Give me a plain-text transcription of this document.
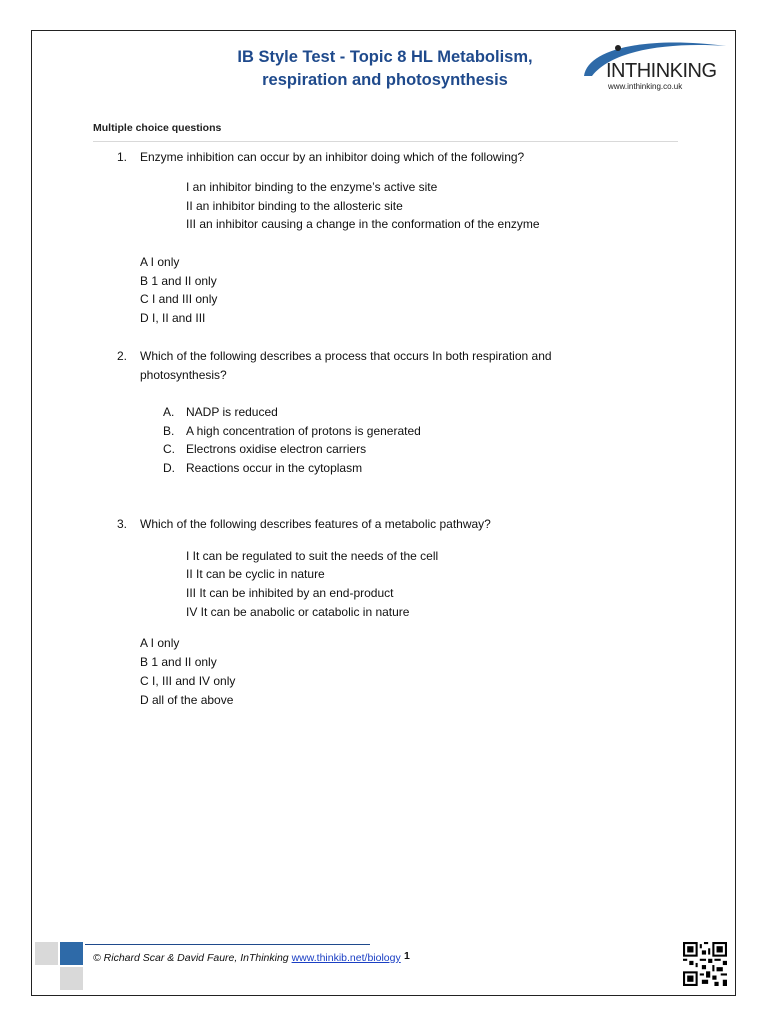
IB Style Test - Topic 8 HL Metabolism,
respiration and photosynthesis	INTHINKING
www.inthinking.co.uk
Multiple choice questions
1. Enzyme inhibition can occur by an inhibitor doing which of the following?
I an inhibitor binding to the enzyme’s active site
II an inhibitor binding to the allosteric site
III an inhibitor causing a change in the conformation of the enzyme
A I only
B 1 and II only
C I and III only
D I, II and III
2. Which of the following describes a process that occurs In both respiration and
photosynthesis?
A. NADP is reduced
B. A high concentration of protons is generated
C. Electrons oxidise electron carriers
D. Reactions occur in the cytoplasm
3. Which of the following describes features of a metabolic pathway?
I It can be regulated to suit the needs of the cell
II It can be cyclic in nature
III It can be inhibited by an end-product
IV It can be anabolic or catabolic in nature
A I only
B 1 and II only
C I, III and IV only
D all of the above
© Richard Scar & David Faure, InThinking www.thinkib.net/biology 1
